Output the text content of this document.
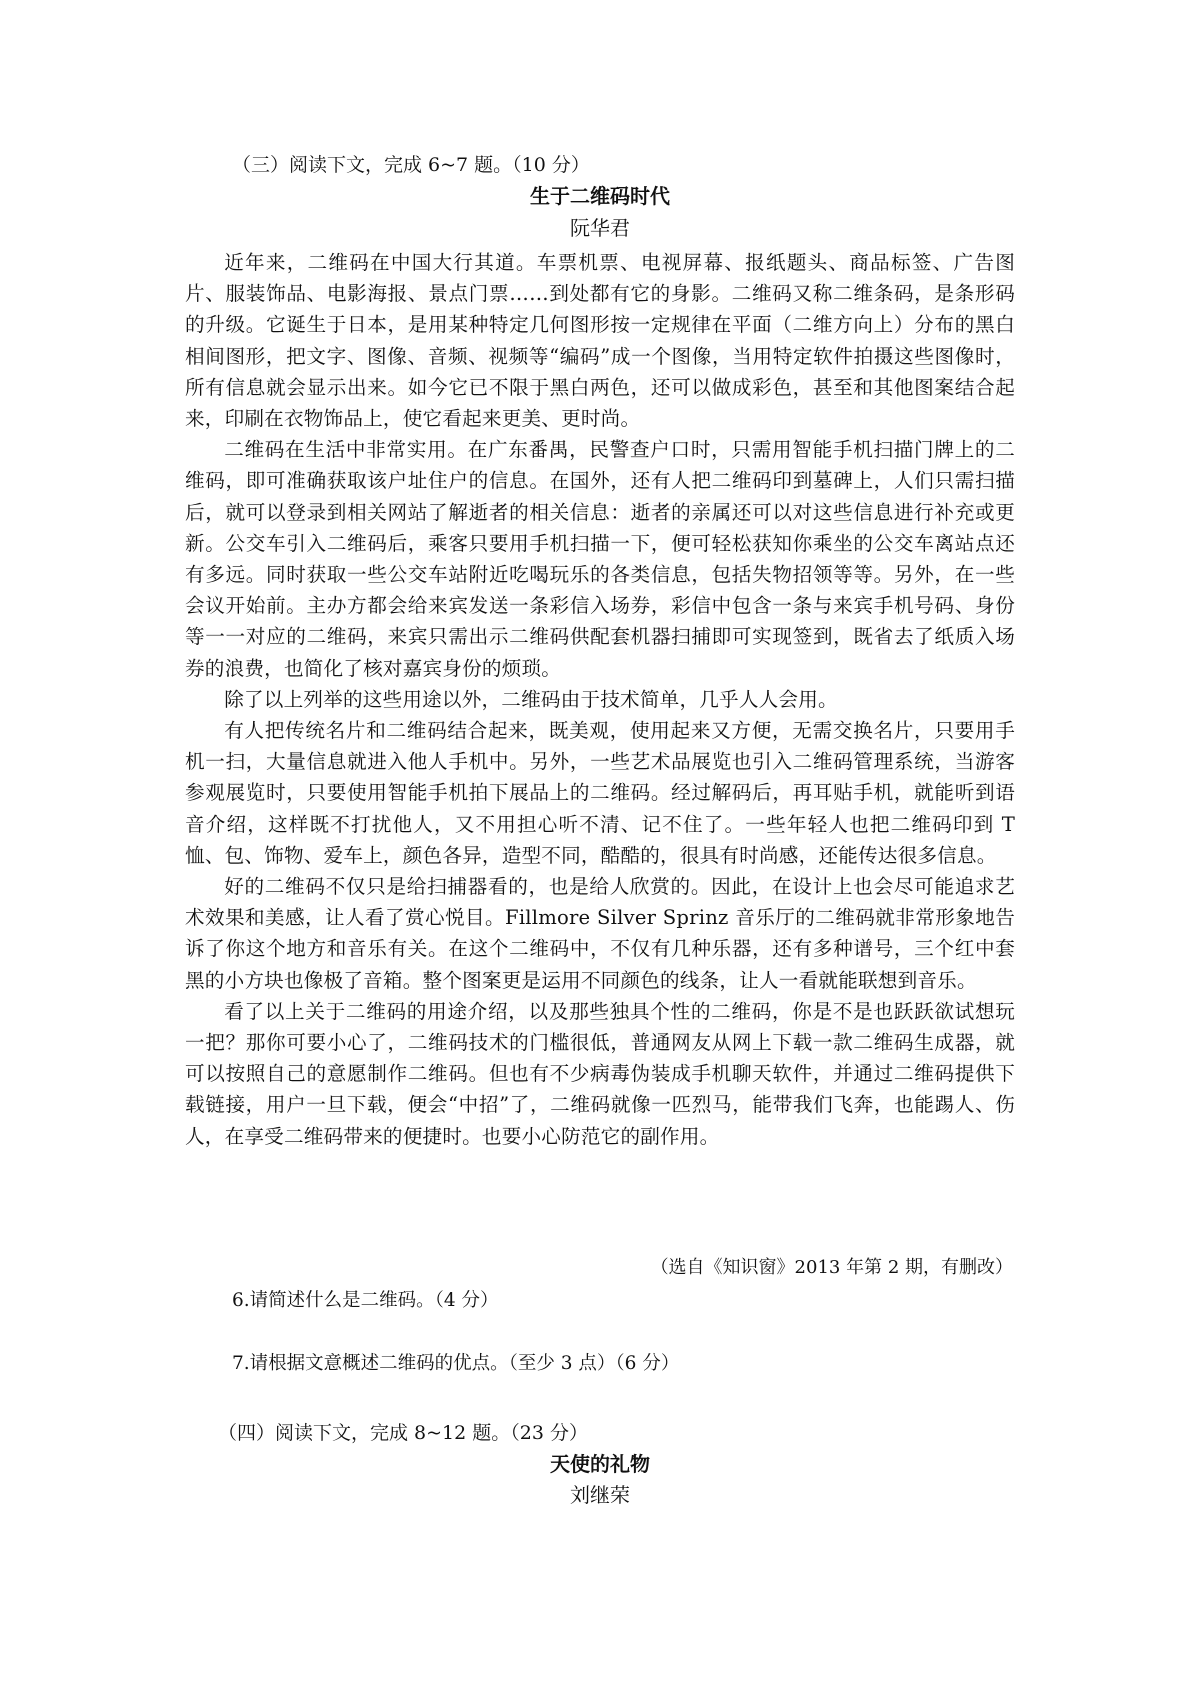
（三）阅读下文，完成 6~7 题。（10 分）
生于二维码时代
阮华君

近年来，二维码在中国大行其道。车票机票、电视屏幕、报纸题头、商品标签、广告图片、服装饰品、电影海报、景点门票……到处都有它的身影。二维码又称二维条码，是条形码的升级。它诞生于日本，是用某种特定几何图形按一定规律在平面（二维方向上）分布的黑白相间图形，把文字、图像、音频、视频等“编码”成一个图像，当用特定软件拍摄这些图像时，所有信息就会显示出来。如今它已不限于黑白两色，还可以做成彩色，甚至和其他图案结合起来，印刷在衣物饰品上，使它看起来更美、更时尚。

二维码在生活中非常实用。在广东番禺，民警查户口时，只需用智能手机扫描门牌上的二维码，即可准确获取该户址住户的信息。在国外，还有人把二维码印到墓碑上，人们只需扫描后，就可以登录到相关网站了解逝者的相关信息：逝者的亲属还可以对这些信息进行补充或更新。公交车引入二维码后，乘客只要用手机扫描一下，便可轻松获知你乘坐的公交车离站点还有多远。同时获取一些公交车站附近吃喝玩乐的各类信息，包括失物招领等等。另外，在一些会议开始前。主办方都会给来宾发送一条彩信入场券，彩信中包含一条与来宾手机号码、身份等一一对应的二维码，来宾只需出示二维码供配套机器扫捕即可实现签到，既省去了纸质入场券的浪费，也简化了核对嘉宾身份的烦琐。

除了以上列举的这些用途以外，二维码由于技术简单，几乎人人会用。

有人把传统名片和二维码结合起来，既美观，使用起来又方便，无需交换名片，只要用手机一扫，大量信息就进入他人手机中。另外，一些艺术品展览也引入二维码管理系统，当游客参观展览时，只要使用智能手机拍下展品上的二维码。经过解码后，再耳贴手机，就能听到语音介绍，这样既不打扰他人，又不用担心听不清、记不住了。一些年轻人也把二维码印到 T 恤、包、饰物、爱车上，颜色各异，造型不同，酷酷的，很具有时尚感，还能传达很多信息。

好的二维码不仅只是给扫捕器看的，也是给人欣赏的。因此，在设计上也会尽可能追求艺术效果和美感，让人看了赏心悦目。Fillmore Silver Sprinz 音乐厅的二维码就非常形象地告诉了你这个地方和音乐有关。在这个二维码中，不仅有几种乐器，还有多种谱号，三个红中套黑的小方块也像极了音箱。整个图案更是运用不同颜色的线条，让人一看就能联想到音乐。

看了以上关于二维码的用途介绍，以及那些独具个性的二维码，你是不是也跃跃欲试想玩一把？那你可要小心了，二维码技术的门槛很低，普通网友从网上下载一款二维码生成器，就可以按照自己的意愿制作二维码。但也有不少病毒伪装成手机聊天软件，并通过二维码提供下载链接，用户一旦下载，便会“中招”了，二维码就像一匹烈马，能带我们飞奔，也能踢人、伤人，在享受二维码带来的便捷时。也要小心防范它的副作用。

（选自《知识窗》2013 年第 2 期，有删改）
6.请简述什么是二维码。（4 分）
7.请根据文意概述二维码的优点。（至少 3 点）（6 分）
（四）阅读下文，完成 8~12 题。（23 分）
天使的礼物
刘继荣
